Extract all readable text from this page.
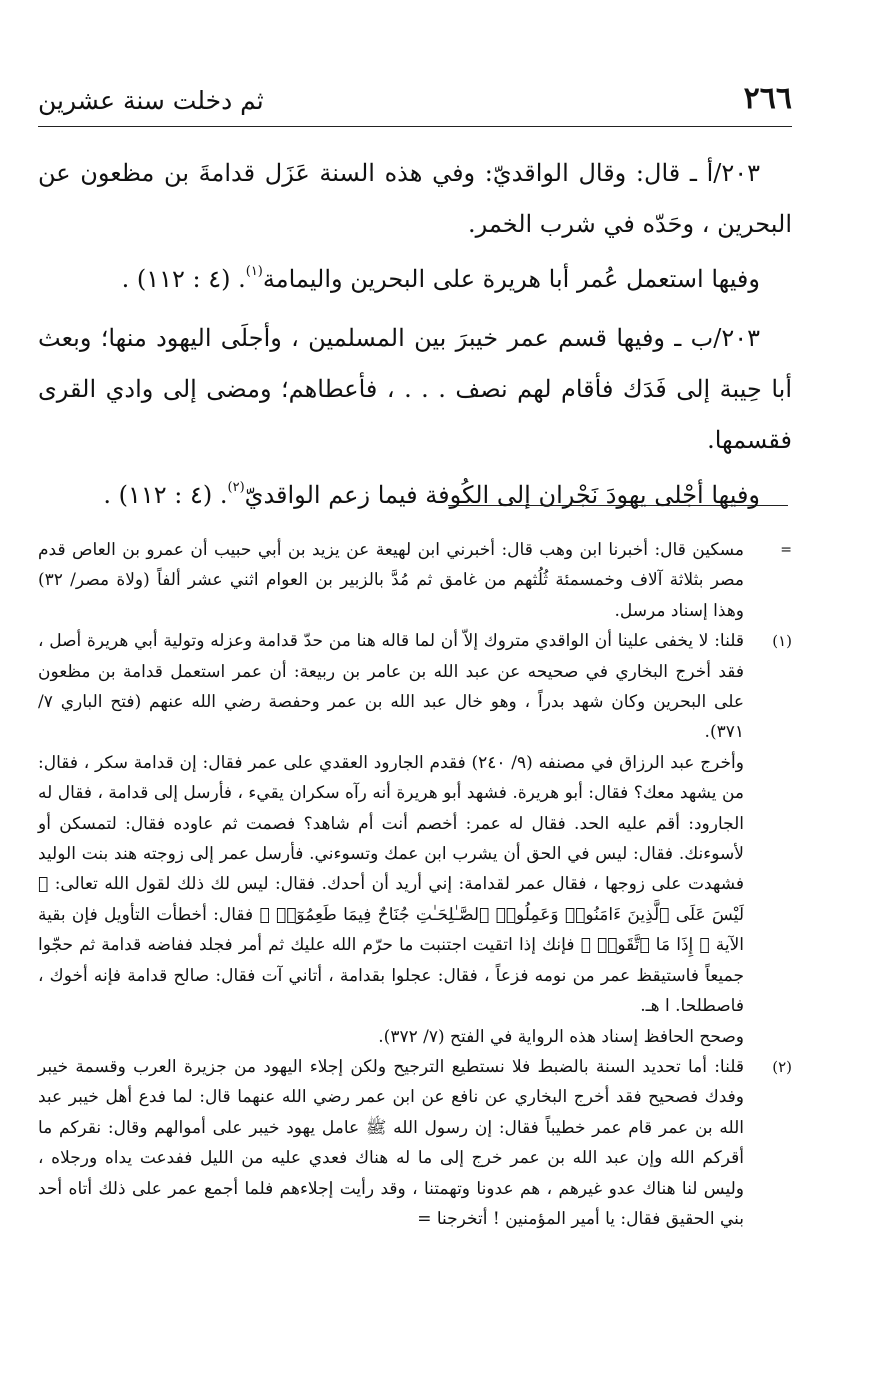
٢٦٦
ثم دخلت سنة عشرين

٢٠٣/أ ـ قال: وقال الواقديّ: وفي هذه السنة عَزَل قدامةَ بن مظعون عن البحرين ، وحَدّه في شرب الخمر.

وفيها استعمل عُمر أبا هريرة على البحرين واليمامة$^{(١)}$. (٤ : ١١٢) .

٢٠٣/ب ـ وفيها قسم عمر خيبرَ بين المسلمين ، وأجلَى اليهود منها؛ وبعث أبا حِيبة إلى فَدَك فأقام لهم نصف . . . ، فأعطاهم؛ ومضى إلى وادي القرى فقسمها.

وفيها أجْلى يهودَ نَجْران إلى الكُوفة فيما زعم الواقديّ$^{(٢)}$. (٤ : ١١٢) .

=

مسكين قال: أخبرنا ابن وهب قال: أخبرني ابن لهيعة عن يزيد بن أبي حبيب أن عمرو بن العاص قدم مصر بثلاثة آلاف وخمسمئة ثُلُثهم من غامق ثم مُدَّ بالزبير بن العوام اثني عشر ألفاً (ولاة مصر/ ٣٢) وهذا إسناد مرسل.

(١)

قلنا: لا يخفى علينا أن الواقدي متروك إلاّ أن لما قاله هنا من حدّ قدامة وعزله وتولية أبي هريرة أصل ، فقد أخرج البخاري في صحيحه عن عبد الله بن عامر بن ربيعة: أن عمر استعمل قدامة بن مظعون على البحرين وكان شهد بدراً ، وهو خال عبد الله بن عمر وحفصة رضي الله عنهم (فتح الباري ٧/ ٣٧١).

وأخرج عبد الرزاق في مصنفه (٩/ ٢٤٠) فقدم الجارود العقدي على عمر فقال: إن قدامة سكر ، فقال: من يشهد معك؟ فقال: أبو هريرة. فشهد أبو هريرة أنه رآه سكران يقيء ، فأرسل إلى قدامة ، فقال له الجارود: أقم عليه الحد. فقال له عمر: أخصم أنت أم شاهد؟ فصمت ثم عاوده فقال: لتمسكن أو لأسوءنك. فقال: ليس في الحق أن يشرب ابن عمك وتسوءني. فأرسل عمر إلى زوجته هند بنت الوليد فشهدت على زوجها ، فقال عمر لقدامة: إني أريد أن أحدك. فقال: ليس لك ذلك لقول الله تعالى: ﴿ لَيْسَ عَلَى ٱلَّذِينَ ءَامَنُوا۟ وَعَمِلُوا۟ ٱلصَّـٰلِحَـٰتِ جُنَاحٌ فِيمَا طَعِمُوٓا۟ ﴾ فقال: أخطأت التأويل فإن بقية الآية ﴿ إِذَا مَا ٱتَّقَوا۟ ﴾ فإنك إذا اتقيت اجتنبت ما حرّم الله عليك ثم أمر فجلد ففاضه قدامة ثم حجّوا جميعاً فاستيقظ عمر من نومه فزعاً ، فقال: عجلوا بقدامة ، أتاني آت فقال: صالح قدامة فإنه أخوك ، فاصطلحا. ا هـ.

وصحح الحافظ إسناد هذه الرواية في الفتح (٧/ ٣٧٢).

(٢)

قلنا: أما تحديد السنة بالضبط فلا نستطيع الترجيح ولكن إجلاء اليهود من جزيرة العرب وقسمة خيبر وفدك فصحيح فقد أخرج البخاري عن نافع عن ابن عمر رضي الله عنهما قال: لما فدع أهل خيبر عبد الله بن عمر قام عمر خطيباً فقال: إن رسول الله ﷺ عامل يهود خيبر على أموالهم وقال: نقركم ما أقركم الله وإن عبد الله بن عمر خرج إلى ما له هناك فعدي عليه من الليل ففدعت يداه ورجلاه ، وليس لنا هناك عدو غيرهم ، هم عدونا وتهمتنا ، وقد رأيت إجلاءهم فلما أجمع عمر على ذلك أتاه أحد بني الحقيق فقال: يا أمير المؤمنين ! أتخرجنا =
